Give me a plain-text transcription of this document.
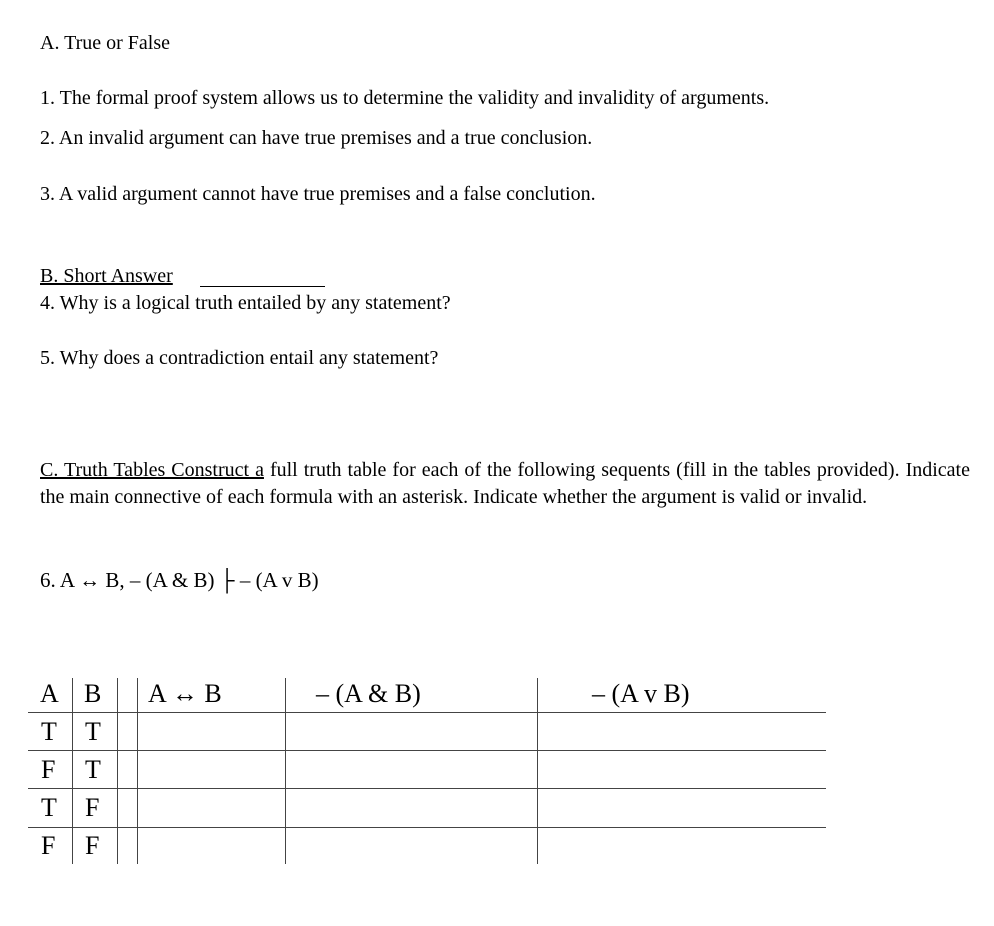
A. True or False
1. The formal proof system allows us to determine the validity and invalidity of arguments.
2. An invalid argument can have true premises and a true conclusion.
3. A valid argument cannot have true premises and a false conclution.
B. Short Answer
4. Why is a logical truth entailed by any statement?
5. Why does a contradiction entail any statement?
C. Truth Tables Construct a full truth table for each of the following sequents (fill in the tables provided). Indicate the main connective of each formula with an asterisk. Indicate whether the argument is valid or invalid.
6. A ↔ B, – (A & B) ├ – (A v B)
A B A ↔ B	– (A & B)	– (A v B)
T T
F T
T F
F F
